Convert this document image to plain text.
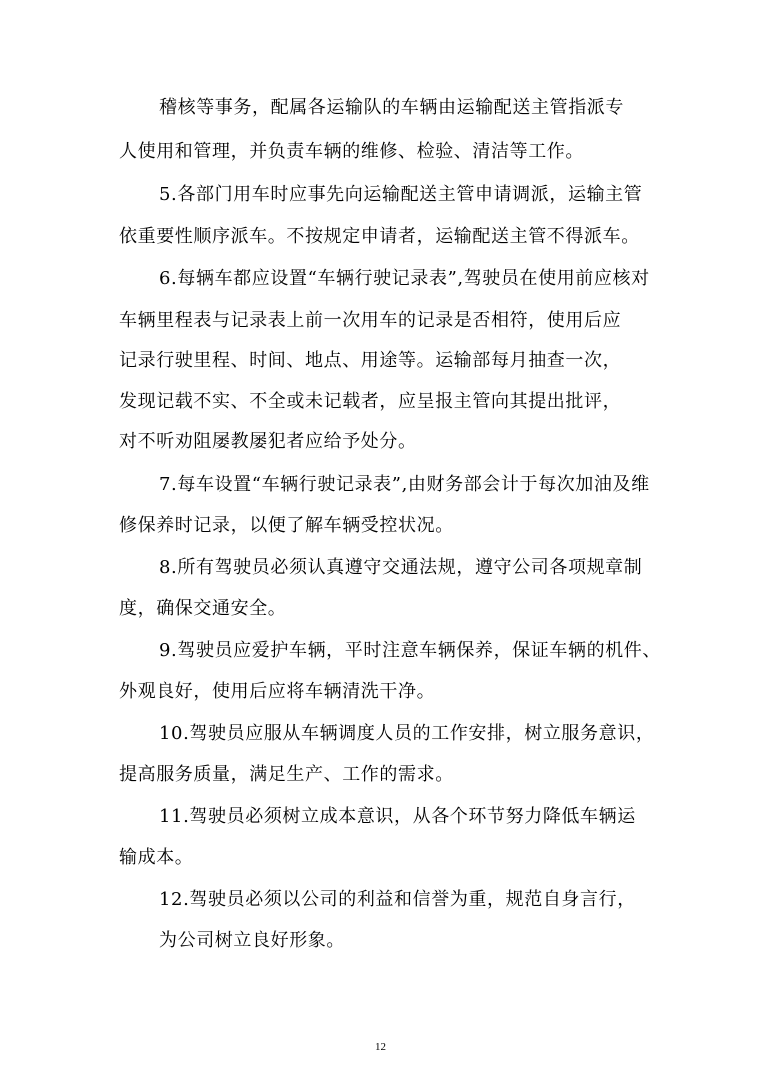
稽核等事务，配属各运输队的车辆由运输配送主管指派专
人使用和管理，并负责车辆的维修、检验、清洁等工作。
5.各部门用车时应事先向运输配送主管申请调派，运输主管
依重要性顺序派车。不按规定申请者，运输配送主管不得派车。
6.每辆车都应设置“车辆行驶记录表”,驾驶员在使用前应核对
车辆里程表与记录表上前一次用车的记录是否相符，使用后应
记录行驶里程、时间、地点、用途等。运输部每月抽查一次，
发现记载不实、不全或未记载者，应呈报主管向其提出批评，
对不听劝阻屡教屡犯者应给予处分。
7.每车设置“车辆行驶记录表”,由财务部会计于每次加油及维
修保养时记录，以便了解车辆受控状况。
8.所有驾驶员必须认真遵守交通法规，遵守公司各项规章制
度，确保交通安全。
9.驾驶员应爱护车辆，平时注意车辆保养，保证车辆的机件、
外观良好，使用后应将车辆清洗干净。
10.驾驶员应服从车辆调度人员的工作安排，树立服务意识，
提高服务质量，满足生产、工作的需求。
11.驾驶员必须树立成本意识，从各个环节努力降低车辆运
输成本。
12.驾驶员必须以公司的利益和信誉为重，规范自身言行，
为公司树立良好形象。
12
